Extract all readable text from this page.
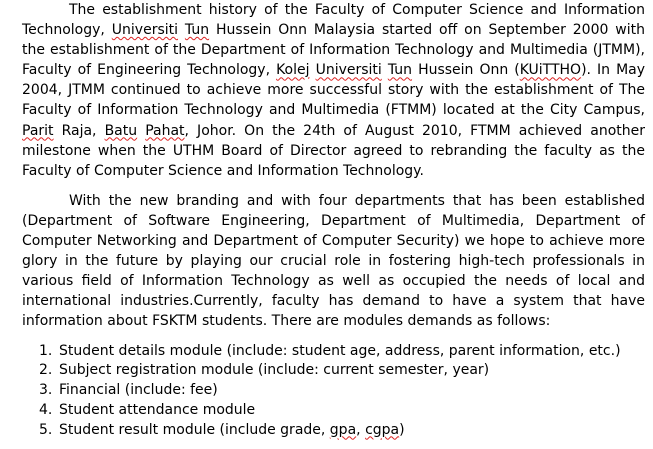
The establishment history of the Faculty of Computer Science and Information Technology, Universiti Tun Hussein Onn Malaysia started off on September 2000 with the establishment of the Department of Information Technology and Multimedia (JTMM), Faculty of Engineering Technology, Kolej Universiti Tun Hussein Onn (KUiTTHO). In May 2004, JTMM continued to achieve more successful story with the establishment of The Faculty of Information Technology and Multimedia (FTMM) located at the City Campus, Parit Raja, Batu Pahat, Johor. On the 24th of August 2010, FTMM achieved another milestone when the UTHM Board of Director agreed to rebranding the faculty as the Faculty of Computer Science and Information Technology.

With the new branding and with four departments that has been established (Department of Software Engineering, Department of Multimedia, Department of Computer Networking and Department of Computer Security) we hope to achieve more glory in the future by playing our crucial role in fostering high-tech professionals in various field of Information Technology as well as occupied the needs of local and international industries.Currently, faculty has demand to have a system that have information about FSKTM students. There are modules demands as follows:

1. Student details module (include: student age, address, parent information, etc.)
2. Subject registration module (include: current semester, year)
3. Financial (include: fee)
4. Student attendance module
5. Student result module (include grade, gpa, cgpa)
